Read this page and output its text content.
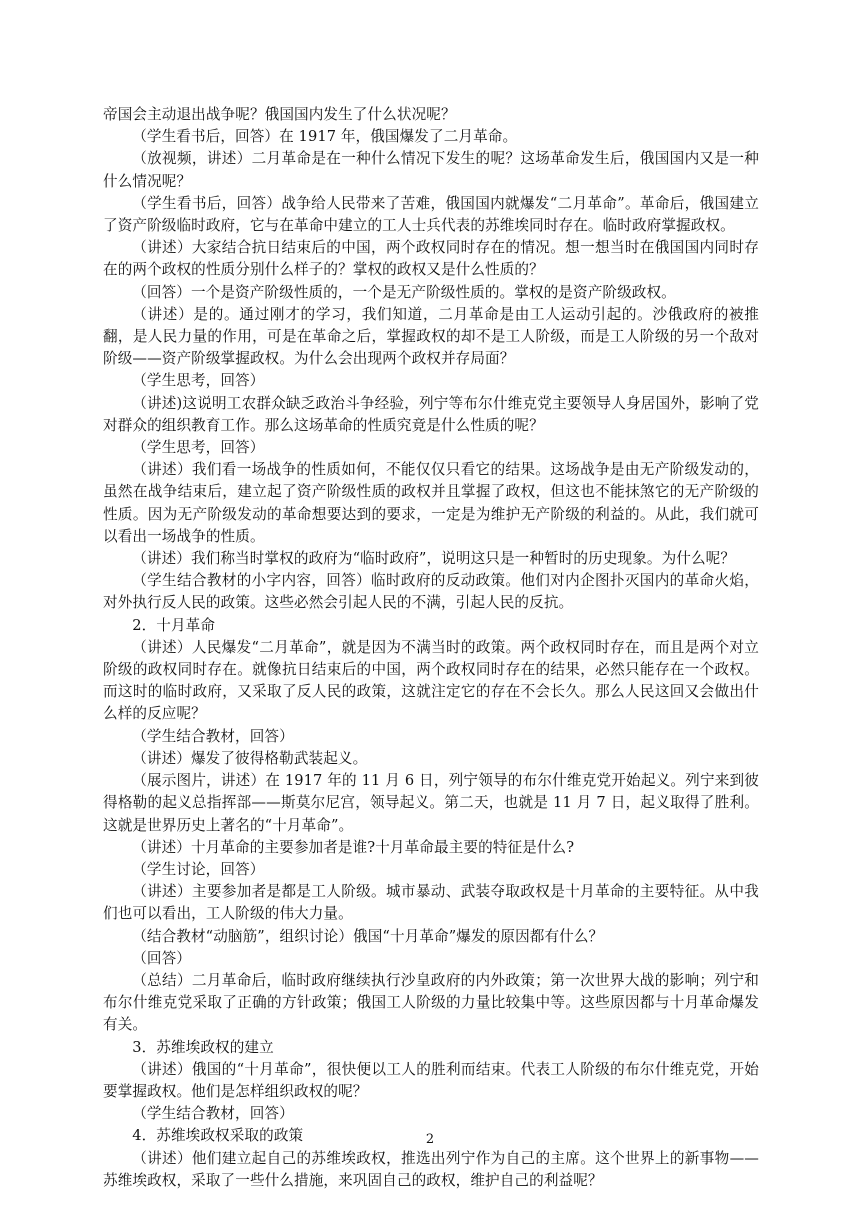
帝国会主动退出战争呢？俄国国内发生了什么状况呢？

（学生看书后，回答）在 1917 年，俄国爆发了二月革命。

（放视频，讲述）二月革命是在一种什么情况下发生的呢？这场革命发生后，俄国国内又是一种什么情况呢？

（学生看书后，回答）战争给人民带来了苦难，俄国国内就爆发“二月革命”。革命后，俄国建立了资产阶级临时政府，它与在革命中建立的工人士兵代表的苏维埃同时存在。临时政府掌握政权。

（讲述）大家结合抗日结束后的中国，两个政权同时存在的情况。想一想当时在俄国国内同时存在的两个政权的性质分别什么样子的？掌权的政权又是什么性质的？

（回答）一个是资产阶级性质的，一个是无产阶级性质的。掌权的是资产阶级政权。

（讲述）是的。通过刚才的学习，我们知道，二月革命是由工人运动引起的。沙俄政府的被推翻，是人民力量的作用，可是在革命之后，掌握政权的却不是工人阶级，而是工人阶级的另一个敌对阶级——资产阶级掌握政权。为什么会出现两个政权并存局面？

（学生思考，回答）

（讲述)这说明工农群众缺乏政治斗争经验，列宁等布尔什维克党主要领导人身居国外，影响了党对群众的组织教育工作。那么这场革命的性质究竟是什么性质的呢？

（学生思考，回答）

（讲述）我们看一场战争的性质如何，不能仅仅只看它的结果。这场战争是由无产阶级发动的，虽然在战争结束后，建立起了资产阶级性质的政权并且掌握了政权，但这也不能抹煞它的无产阶级的性质。因为无产阶级发动的革命想要达到的要求，一定是为维护无产阶级的利益的。从此，我们就可以看出一场战争的性质。

（讲述）我们称当时掌权的政府为“临时政府”，说明这只是一种暂时的历史现象。为什么呢？

（学生结合教材的小字内容，回答）临时政府的反动政策。他们对内企图扑灭国内的革命火焰，对外执行反人民的政策。这些必然会引起人民的不满，引起人民的反抗。

2．十月革命

（讲述）人民爆发“二月革命”，就是因为不满当时的政策。两个政权同时存在，而且是两个对立阶级的政权同时存在。就像抗日结束后的中国，两个政权同时存在的结果，必然只能存在一个政权。而这时的临时政府，又采取了反人民的政策，这就注定它的存在不会长久。那么人民这回又会做出什么样的反应呢？

（学生结合教材，回答）

（讲述）爆发了彼得格勒武装起义。

（展示图片，讲述）在 1917 年的 11 月 6 日，列宁领导的布尔什维克党开始起义。列宁来到彼得格勒的起义总指挥部——斯莫尔尼宫，领导起义。第二天，也就是 11 月 7 日，起义取得了胜利。这就是世界历史上著名的“十月革命”。

（讲述）十月革命的主要参加者是谁?十月革命最主要的特征是什么?

（学生讨论，回答）

（讲述）主要参加者是都是工人阶级。城市暴动、武装夺取政权是十月革命的主要特征。从中我们也可以看出，工人阶级的伟大力量。

（结合教材“动脑筋”，组织讨论）俄国“十月革命”爆发的原因都有什么？

（回答）

（总结）二月革命后，临时政府继续执行沙皇政府的内外政策；第一次世界大战的影响；列宁和布尔什维克党采取了正确的方针政策；俄国工人阶级的力量比较集中等。这些原因都与十月革命爆发有关。

3．苏维埃政权的建立

（讲述）俄国的“十月革命”，很快便以工人的胜利而结束。代表工人阶级的布尔什维克党，开始要掌握政权。他们是怎样组织政权的呢？

（学生结合教材，回答）

4．苏维埃政权采取的政策

（讲述）他们建立起自己的苏维埃政权，推选出列宁作为自己的主席。这个世界上的新事物——苏维埃政权，采取了一些什么措施，来巩固自己的政权，维护自己的利益呢？

2
